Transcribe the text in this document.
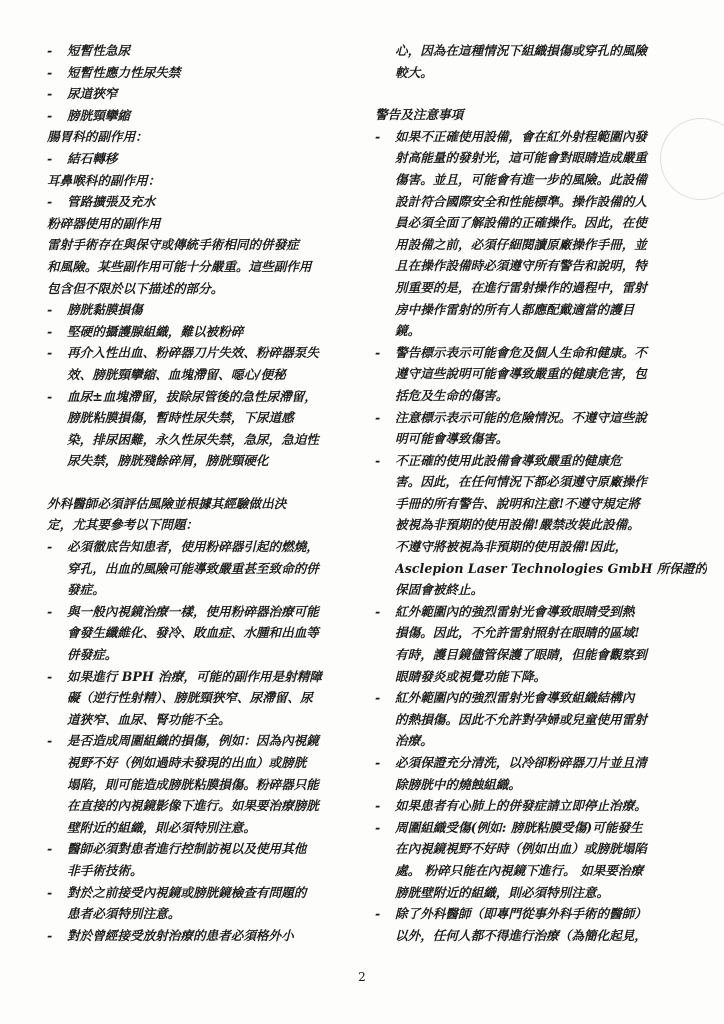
-	短暫性急尿
-	短暫性應力性尿失禁
-	尿道狹窄
-	膀胱頸攣縮
腸胃科的副作用：
-	結石轉移
耳鼻喉科的副作用：
-	管路擴張及充水
粉碎器使用的副作用
雷射手術存在與保守或傳統手術相同的併發症
和風險。某些副作用可能十分嚴重。這些副作用
包含但不限於以下描述的部分。
-	膀胱黏膜損傷
-	堅硬的攝護腺組織，難以被粉碎
-	再介入性出血、粉碎器刀片失效、粉碎器泵失
效、膀胱頸攣縮、血塊滯留、噁心/便秘
-	血尿±血塊滯留，拔除尿管後的急性尿滯留，
膀胱粘膜損傷，暫時性尿失禁，下尿道感
染，排尿困難，永久性尿失禁，急尿，急迫性
尿失禁，膀胱殘餘碎屑，膀胱頸硬化
外科醫師必須評估風險並根據其經驗做出決
定，尤其要參考以下問題：
-	必須徹底告知患者，使用粉碎器引起的燃燒，
穿孔，出血的風險可能導致嚴重甚至致命的併
發症。
-	與一般內視鏡治療一樣，使用粉碎器治療可能
會發生纖維化、發冷、敗血症、水腫和出血等
併發症。
-	如果進行 BPH 治療，可能的副作用是射精障
礙（逆行性射精）、膀胱頸狹窄、尿滯留、尿
道狹窄、血尿、腎功能不全。
-	是否造成周圍組織的損傷，例如：因為內視鏡
視野不好（例如過時未發現的出血）或膀胱
塌陷，則可能造成膀胱粘膜損傷。粉碎器只能
在直接的內視鏡影像下進行。如果要治療膀胱
壁附近的組織，則必須特別注意。
-	醫師必須對患者進行控制訪視以及使用其他
非手術技術。
-	對於之前接受內視鏡或膀胱鏡檢查有問題的
患者必須特別注意。
-	對於曾經接受放射治療的患者必須格外小
心，因為在這種情況下組織損傷或穿孔的風險
較大。
警告及注意事項
-	如果不正確使用設備，會在紅外射程範圍內發
射高能量的發射光，這可能會對眼睛造成嚴重
傷害。並且，可能會有進一步的風險。此設備
設計符合國際安全和性能標準。操作設備的人
員必須全面了解設備的正確操作。因此，在使
用設備之前，必須仔細閱讀原廠操作手冊，並
且在操作設備時必須遵守所有警告和說明，特
別重要的是，在進行雷射操作的過程中，雷射
房中操作雷射的所有人都應配戴適當的護目
鏡。
-	警告標示表示可能會危及個人生命和健康。不
遵守這些說明可能會導致嚴重的健康危害，包
括危及生命的傷害。
-	注意標示表示可能的危險情況。不遵守這些說
明可能會導致傷害。
-	不正確的使用此設備會導致嚴重的健康危
害。因此，在任何情況下都必須遵守原廠操作
手冊的所有警告、說明和注意!不遵守規定將
被視為非預期的使用設備!嚴禁改裝此設備。
不遵守將被視為非預期的使用設備!因此，
Asclepion Laser Technologies GmbH 所保證的
保固會被終止。
-	紅外範圍內的強烈雷射光會導致眼睛受到熱
損傷。因此，不允許雷射照射在眼睛的區域!
有時，護目鏡儘管保護了眼睛，但能會觀察到
眼睛發炎或視覺功能下降。
-	紅外範圍內的強烈雷射光會導致組織結構內
的熱損傷。因此不允許對孕婦或兒童使用雷射
治療。
-	必須保證充分清洗，以冷卻粉碎器刀片並且清
除膀胱中的燒蝕組織。
-	如果患者有心肺上的併發症請立即停止治療。
-	周圍組織受傷(例如: 膀胱粘膜受傷)可能發生
在內視鏡視野不好時（例如出血）或膀胱塌陷
處。 粉碎只能在內視鏡下進行。 如果要治療
膀胱壁附近的組織，則必須特別注意。
-	除了外科醫師（即專門從事外科手術的醫師）
以外，任何人都不得進行治療（為簡化起見，
2
